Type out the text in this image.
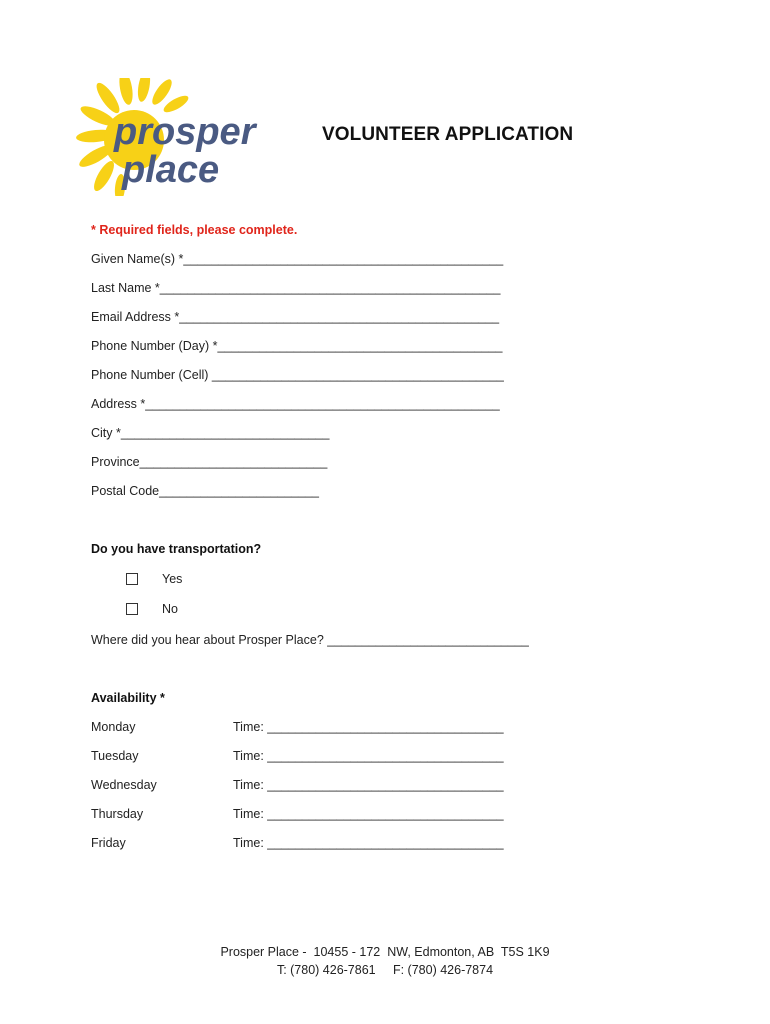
prosper
place
VOLUNTEER APPLICATION
* Required fields, please complete.
Given Name(s) *______________________________________________
Last Name *_________________________________________________
Email Address *______________________________________________
Phone Number (Day) *_________________________________________
Phone Number (Cell) __________________________________________
Address *___________________________________________________
City *______________________________
Province___________________________
Postal Code_______________________
Do you have transportation?
Yes
No
Where did you hear about Prosper Place? _____________________________
Availability *
Monday	Time: __________________________________
Tuesday	Time: __________________________________
Wednesday	Time: __________________________________
Thursday	Time: __________________________________
Friday	Time: __________________________________
Prosper Place -  10455 - 172  NW, Edmonton, AB  T5S 1K9
T: (780) 426-7861     F: (780) 426-7874
